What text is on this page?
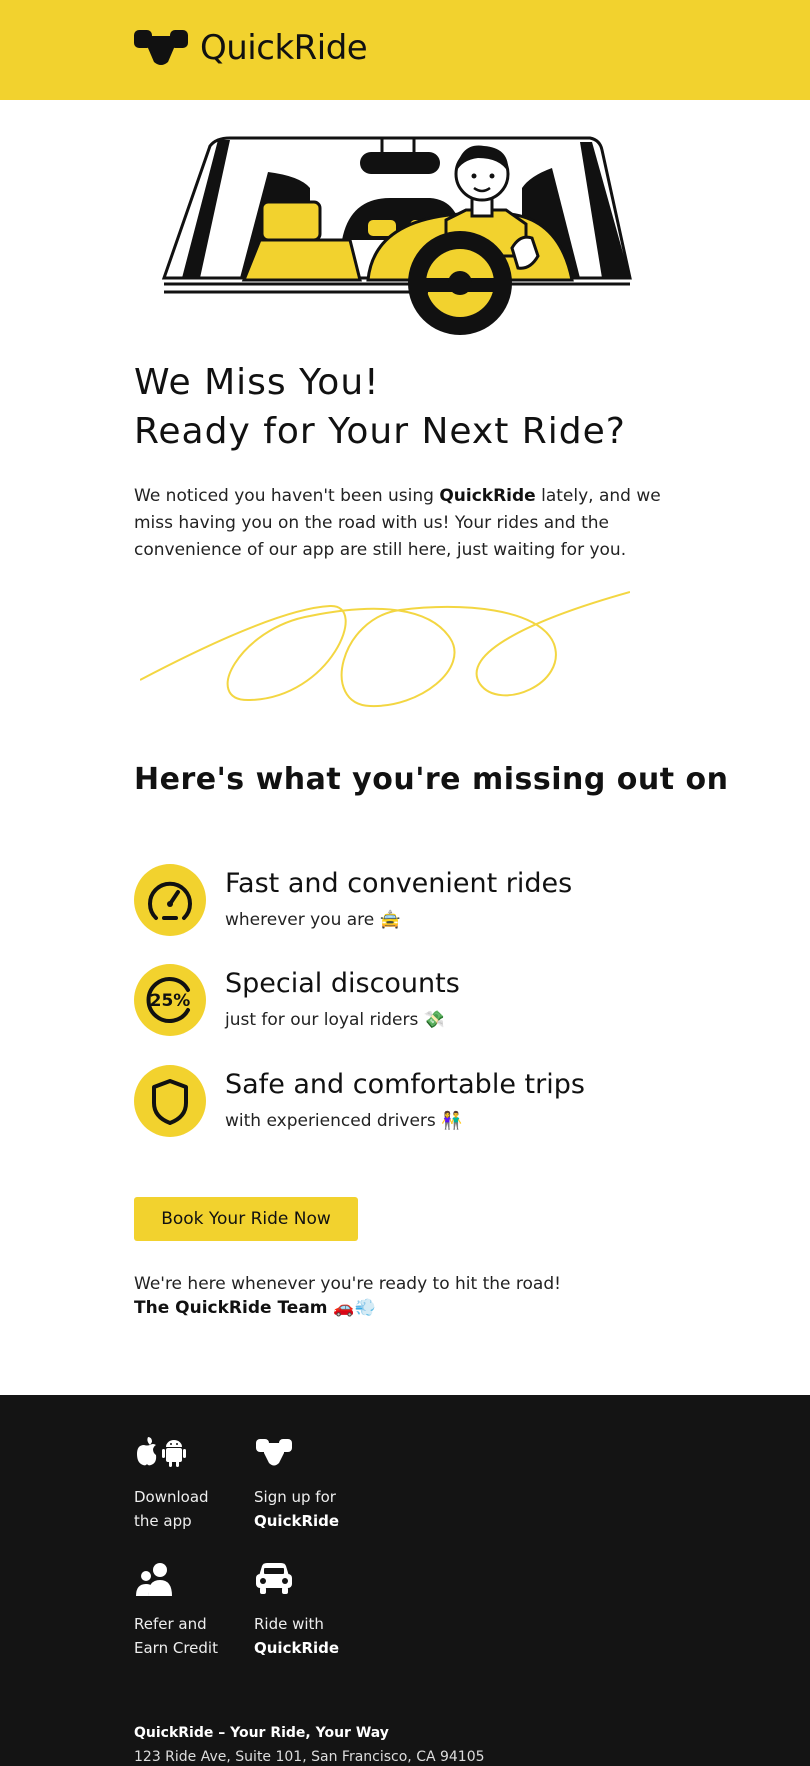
QuickRide
We Miss You!
Ready for Your Next Ride?

We noticed you haven't been using QuickRide lately, and we miss having you on the road with us! Your rides and the convenience of our app are still here, just waiting for you.

Here's what you're missing out on
Fast and convenient rides
wherever you are 🚖
25%
Special discounts
just for our loyal riders 💸
Safe and comfortable trips
with experienced drivers 👫
Book Your Ride Now

We're here whenever you're ready to hit the road!

The QuickRide Team 🚗💨

Download
the app
Sign up for
QuickRide
Refer and
Earn Credit
Ride with
QuickRide
QuickRide – Your Ride, Your Way
123 Ride Ave, Suite 101, San Francisco, CA 94105
